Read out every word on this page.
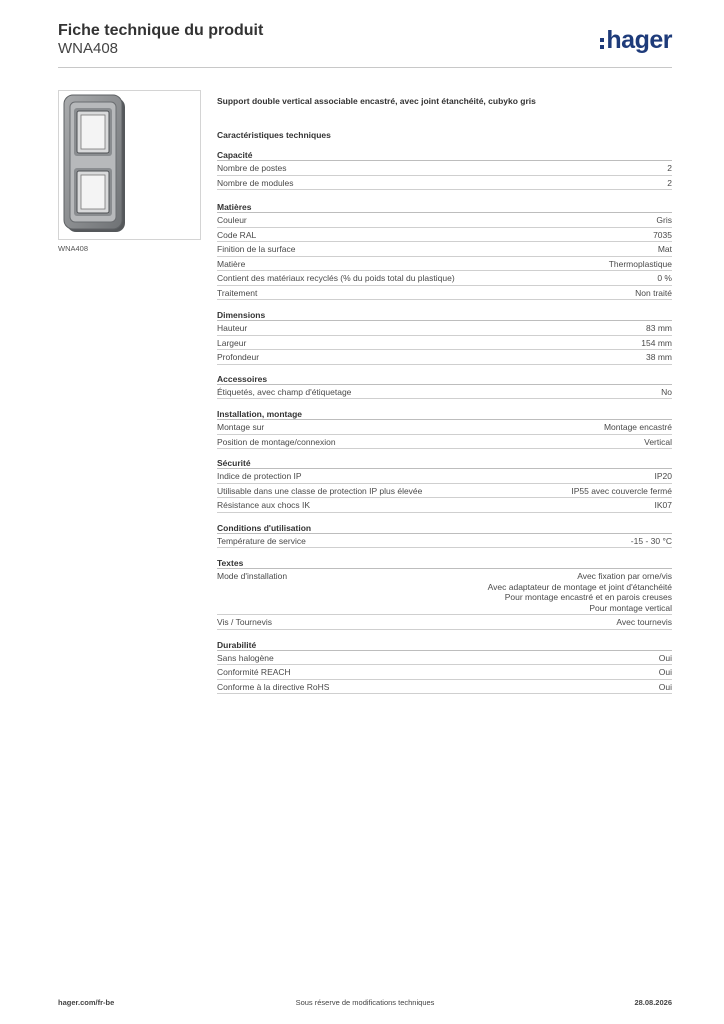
Fiche technique du produit
WNA408	hager
WNA408
Support double vertical associable encastré, avec joint étanchéité, cubyko gris
Caractéristiques techniques
Capacité
Nombre de postes	2
Nombre de modules	2
Matières
Couleur	Gris
Code RAL	7035
Finition de la surface	Mat
Matière	Thermoplastique
Contient des matériaux recyclés (% du poids total du plastique)	0 %
Traitement	Non traité
Dimensions
Hauteur	83 mm
Largeur	154 mm
Profondeur	38 mm
Accessoires
Étiquetés, avec champ d'étiquetage	No
Installation, montage
Montage sur	Montage encastré
Position de montage/connexion	Vertical
Sécurité
Indice de protection IP	IP20
Utilisable dans une classe de protection IP plus élevée	IP55 avec couvercle fermé
Résistance aux chocs IK	IK07
Conditions d'utilisation
Température de service	-15 - 30 °C
Textes
Mode d'installation	Avec fixation par orne/vis
Avec adaptateur de montage et joint d'étanchéité
Pour montage encastré et en parois creuses
Pour montage vertical
Vis / Tournevis	Avec tournevis
Durabilité
Sans halogène	Oui
Conformité REACH	Oui
Conforme à la directive RoHS	Oui
hager.com/fr-be	Sous réserve de modifications techniques	28.08.2026
